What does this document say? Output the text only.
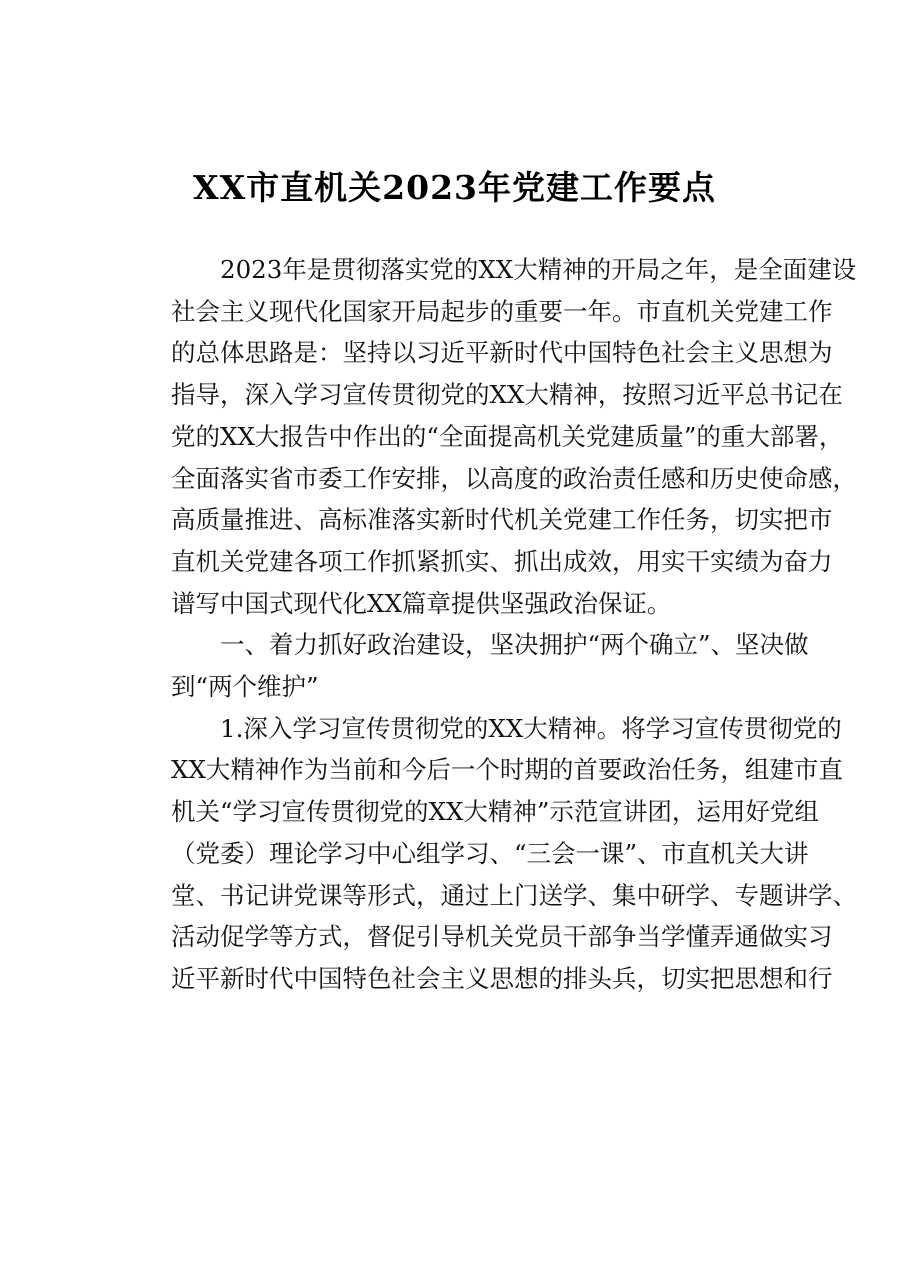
XX市直机关2023年党建工作要点
2023年是贯彻落实党的XX大精神的开局之年，是全面建设
社会主义现代化国家开局起步的重要一年。市直机关党建工作
的总体思路是：坚持以习近平新时代中国特色社会主义思想为
指导，深入学习宣传贯彻党的XX大精神，按照习近平总书记在
党的XX大报告中作出的“全面提高机关党建质量”的重大部署，
全面落实省市委工作安排，以高度的政治责任感和历史使命感，
高质量推进、高标准落实新时代机关党建工作任务，切实把市
直机关党建各项工作抓紧抓实、抓出成效，用实干实绩为奋力
谱写中国式现代化XX篇章提供坚强政治保证。
一、着力抓好政治建设，坚决拥护“两个确立”、坚决做
到“两个维护”
1.深入学习宣传贯彻党的XX大精神。将学习宣传贯彻党的
XX大精神作为当前和今后一个时期的首要政治任务，组建市直
机关“学习宣传贯彻党的XX大精神”示范宣讲团，运用好党组
（党委）理论学习中心组学习、“三会一课”、市直机关大讲
堂、书记讲党课等形式，通过上门送学、集中研学、专题讲学、
活动促学等方式，督促引导机关党员干部争当学懂弄通做实习
近平新时代中国特色社会主义思想的排头兵，切实把思想和行
